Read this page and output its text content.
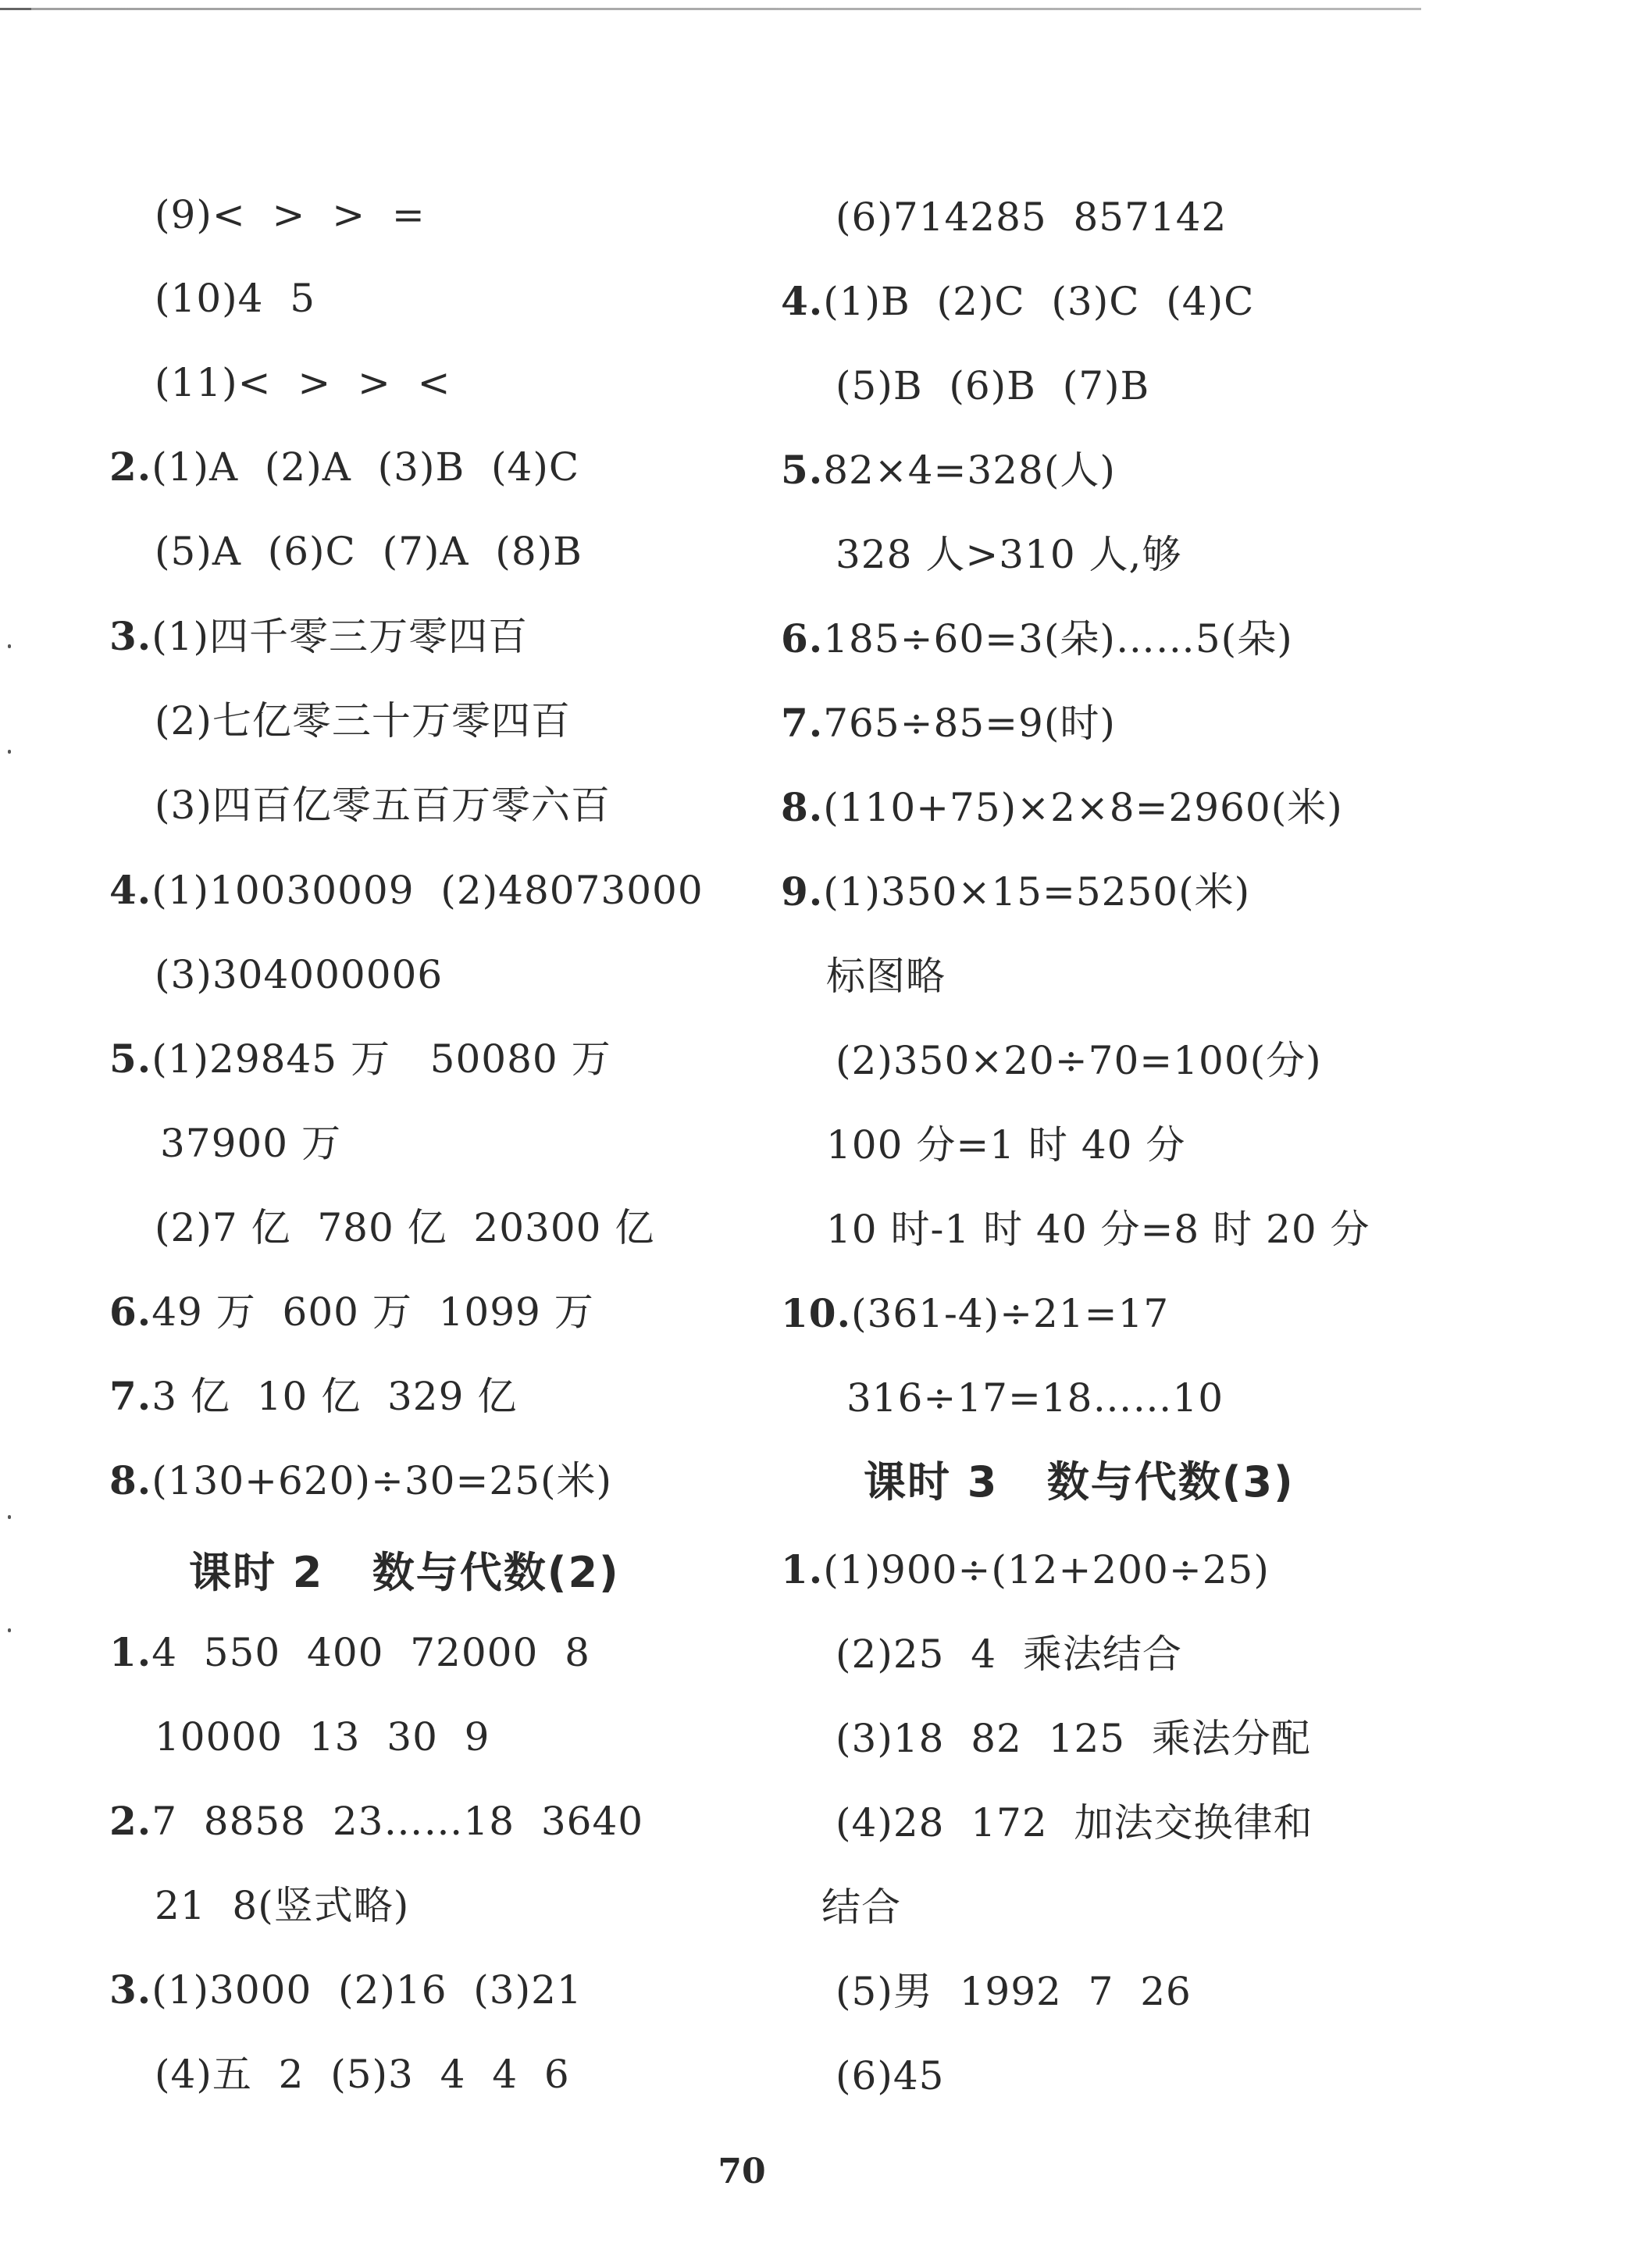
(9)<  >  >  =
(10)4  5
(11)<  >  >  <
2.(1)A  (2)A  (3)B  (4)C
(5)A  (6)C  (7)A  (8)B
3.(1)四千零三万零四百
(2)七亿零三十万零四百
(3)四百亿零五百万零六百
4.(1)10030009  (2)48073000
(3)304000006
5.(1)29845 万   50080 万
37900 万
(2)7 亿  780 亿  20300 亿
6.49 万  600 万  1099 万
7.3 亿  10 亿  329 亿
8.(130+620)÷30=25(米)
课时 2   数与代数(2)
1.4  550  400  72000  8
10000  13  30  9
2.7  8858  23……18  3640
21  8(竖式略)
3.(1)3000  (2)16  (3)21
(4)五  2  (5)3  4  4  6
(6)714285  857142
4.(1)B  (2)C  (3)C  (4)C
(5)B  (6)B  (7)B
5.82×4=328(人)
328 人>310 人,够
6.185÷60=3(朵)……5(朵)
7.765÷85=9(时)
8.(110+75)×2×8=2960(米)
9.(1)350×15=5250(米)
标图略
(2)350×20÷70=100(分)
100 分=1 时 40 分
10 时-1 时 40 分=8 时 20 分
10.(361-4)÷21=17
316÷17=18……10
课时 3   数与代数(3)
1.(1)900÷(12+200÷25)
(2)25  4  乘法结合
(3)18  82  125  乘法分配
(4)28  172  加法交换律和
结合
(5)男  1992  7  26
(6)45
70
